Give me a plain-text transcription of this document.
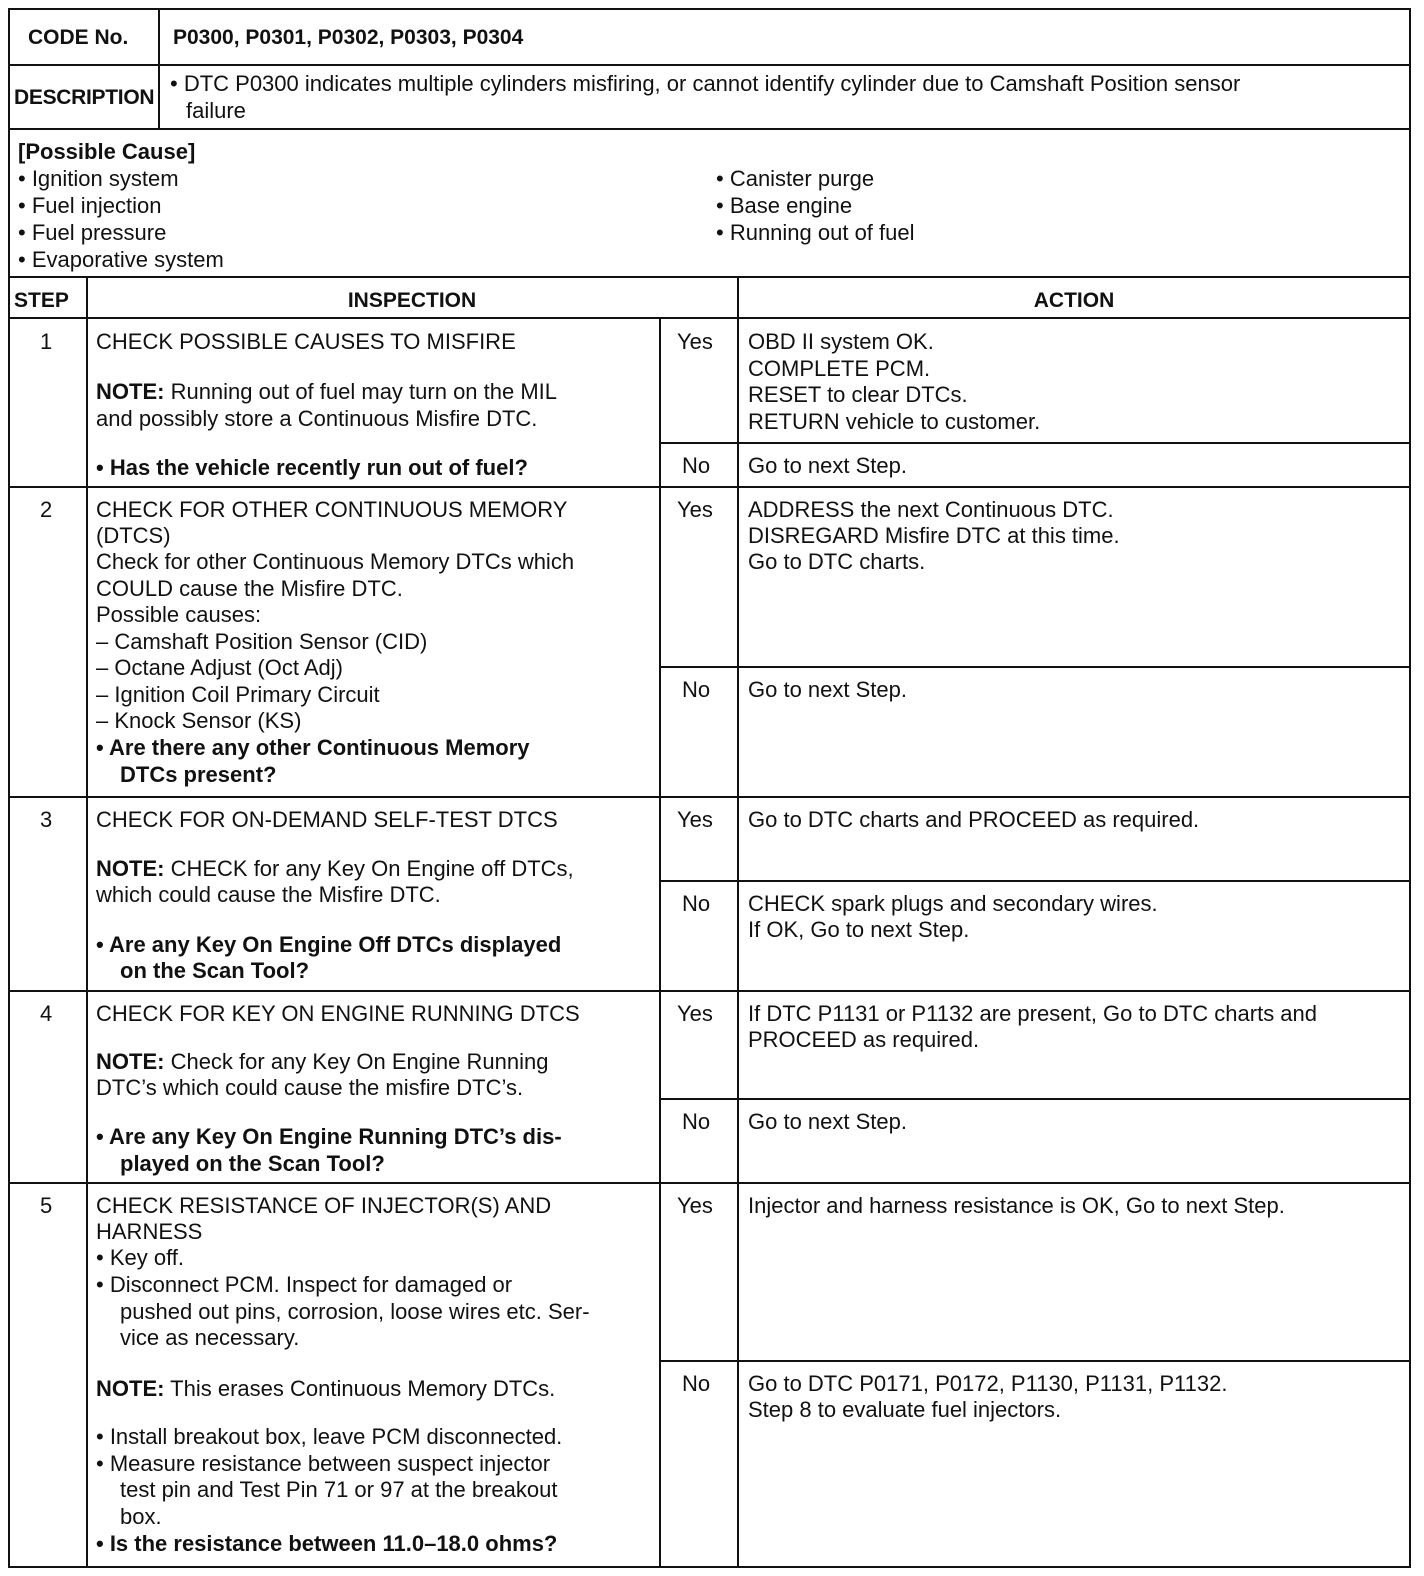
CODE No. P0300, P0301, P0302, P0303, P0304
DESCRIPTION
• DTC P0300 indicates multiple cylinders misfiring, or cannot identify cylinder due to Camshaft Position sensor
failure
[Possible Cause]
• Ignition system
• Fuel injection
• Fuel pressure
• Evaporative system
• Canister purge
• Base engine
• Running out of fuel
STEP	INSPECTION	ACTION
1 CHECK POSSIBLE CAUSES TO MISFIRE
NOTE: Running out of fuel may turn on the MIL
and possibly store a Continuous Misfire DTC.
• Has the vehicle recently run out of fuel?
Yes OBD II system OK.
COMPLETE PCM.
RESET to clear DTCs.
RETURN vehicle to customer.
No Go to next Step.
2 CHECK FOR OTHER CONTINUOUS MEMORY
(DTCS)
Check for other Continuous Memory DTCs which
COULD cause the Misfire DTC.
Possible causes:
– Camshaft Position Sensor (CID)
– Octane Adjust (Oct Adj)
– Ignition Coil Primary Circuit
– Knock Sensor (KS)
• Are there any other Continuous Memory
DTCs present?
Yes ADDRESS the next Continuous DTC.
DISREGARD Misfire DTC at this time.
Go to DTC charts.
No Go to next Step.
3 CHECK FOR ON-DEMAND SELF-TEST DTCS
NOTE: CHECK for any Key On Engine off DTCs,
which could cause the Misfire DTC.
• Are any Key On Engine Off DTCs displayed
on the Scan Tool?
Yes Go to DTC charts and PROCEED as required.
No CHECK spark plugs and secondary wires.
If OK, Go to next Step.
4 CHECK FOR KEY ON ENGINE RUNNING DTCS
NOTE: Check for any Key On Engine Running
DTC’s which could cause the misfire DTC’s.
• Are any Key On Engine Running DTC’s dis-
played on the Scan Tool?
Yes If DTC P1131 or P1132 are present, Go to DTC charts and
PROCEED as required.
No Go to next Step.
5 CHECK RESISTANCE OF INJECTOR(S) AND
HARNESS
• Key off.
• Disconnect PCM. Inspect for damaged or
pushed out pins, corrosion, loose wires etc. Ser-
vice as necessary.
NOTE: This erases Continuous Memory DTCs.
• Install breakout box, leave PCM disconnected.
• Measure resistance between suspect injector
test pin and Test Pin 71 or 97 at the breakout
box.
• Is the resistance between 11.0–18.0 ohms?
Yes Injector and harness resistance is OK, Go to next Step.
No Go to DTC P0171, P0172, P1130, P1131, P1132.
Step 8 to evaluate fuel injectors.
